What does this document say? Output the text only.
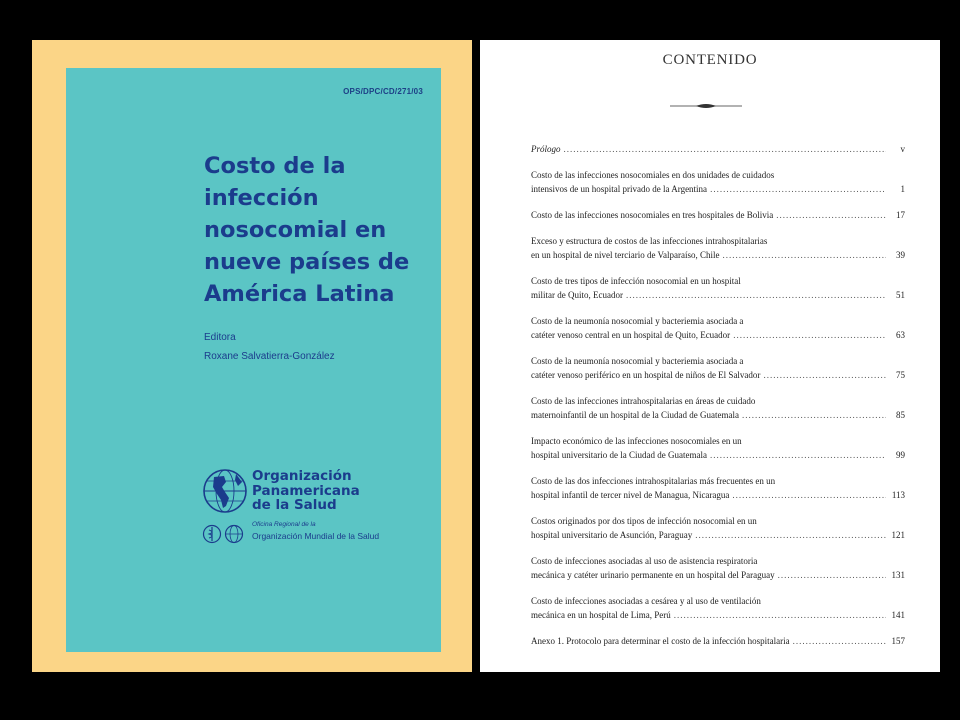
OPS/DPC/CD/271/03
Costo de la
infección
nosocomial en
nueve países de
América Latina
Editora
Roxane Salvatierra-González
Organización
Panamericana
de la Salud
Oficina Regional de la
Organización Mundial de la Salud
CONTENIDO
Prólogo .....	v
Costo de las infecciones nosocomiales en dos unidades de cuidados
intensivos de un hospital privado de la Argentina .....	1
Costo de las infecciones nosocomiales en tres hospitales de Bolivia .....	17
Exceso y estructura de costos de las infecciones intrahospitalarias
en un hospital de nivel terciario de Valparaíso, Chile .....	39
Costo de tres tipos de infección nosocomial en un hospital
militar de Quito, Ecuador .....	51
Costo de la neumonía nosocomial y bacteriemia asociada a
catéter venoso central en un hospital de Quito, Ecuador .....	63
Costo de la neumonía nosocomial y bacteriemia asociada a
catéter venoso periférico en un hospital de niños de El Salvador .....	75
Costo de las infecciones intrahospitalarias en áreas de cuidado
maternoinfantil de un hospital de la Ciudad de Guatemala .....	85
Impacto económico de las infecciones nosocomiales en un
hospital universitario de la Ciudad de Guatemala .....	99
Costo de las dos infecciones intrahospitalarias más frecuentes en un
hospital infantil de tercer nivel de Managua, Nicaragua .....	113
Costos originados por dos tipos de infección nosocomial en un
hospital universitario de Asunción, Paraguay .....	121
Costo de infecciones asociadas al uso de asistencia respiratoria
mecánica y catéter urinario permanente en un hospital del Paraguay .....	131
Costo de infecciones asociadas a cesárea y al uso de ventilación
mecánica en un hospital de Lima, Perú .....	141
Anexo 1. Protocolo para determinar el costo de la infección hospitalaria .....	157
